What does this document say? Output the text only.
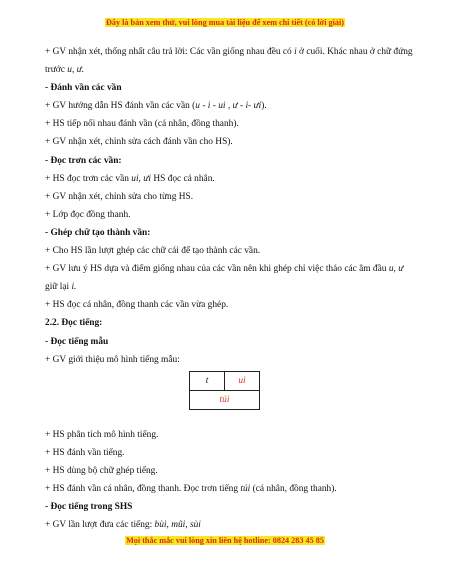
Đây là bản xem thử, vui lòng mua tài liệu để xem chi tiết (có lời giải)
+ GV nhận xét, thống nhất câu trả lời: Các vần giống nhau đều có i ở cuối. Khác nhau ở chữ đứng trước u, ư.
- Đánh vần các vần
+ GV hướng dẫn HS đánh vần các vần (u - i - ui , ư - i- ưi).
+ HS tiếp nối nhau đánh vần (cá nhân, đồng thanh).
+ GV nhận xét, chỉnh sửa cách đánh vần cho HS).
- Đọc trơn các vần:
+ HS đọc trơn các vần ui, ưi HS đọc cá nhân.
+ GV nhận xét, chỉnh sửa cho từng HS.
+ Lớp đọc đồng thanh.
- Ghép chữ tạo thành vần:
+ Cho HS lần lượt ghép các chữ cái để tạo thành các vần.
+ GV lưu ý HS dựa và điểm giống nhau của các vần nên khi ghép chỉ việc tháo các âm đầu u, ư giữ lại i.
+ HS đọc cá nhân, đồng thanh các vần vừa ghép.
2.2. Đọc tiếng:
- Đọc tiếng mẫu
+ GV giới thiệu mô hình tiếng mẫu:
t	ui
túi
+ HS phân tích mô hình tiếng.
+ HS đánh vần tiếng.
+ HS dùng bộ chữ ghép tiếng.
+ HS đánh vần cá nhân, đồng thanh. Đọc trơn tiếng túi (cá nhân, đồng thanh).
- Đọc tiếng trong SHS
+ GV lần lượt đưa các tiếng: bùi, mũi, sùi
Mọi thắc mắc vui lòng xin liên hệ hotline: 0824 283 45 85
